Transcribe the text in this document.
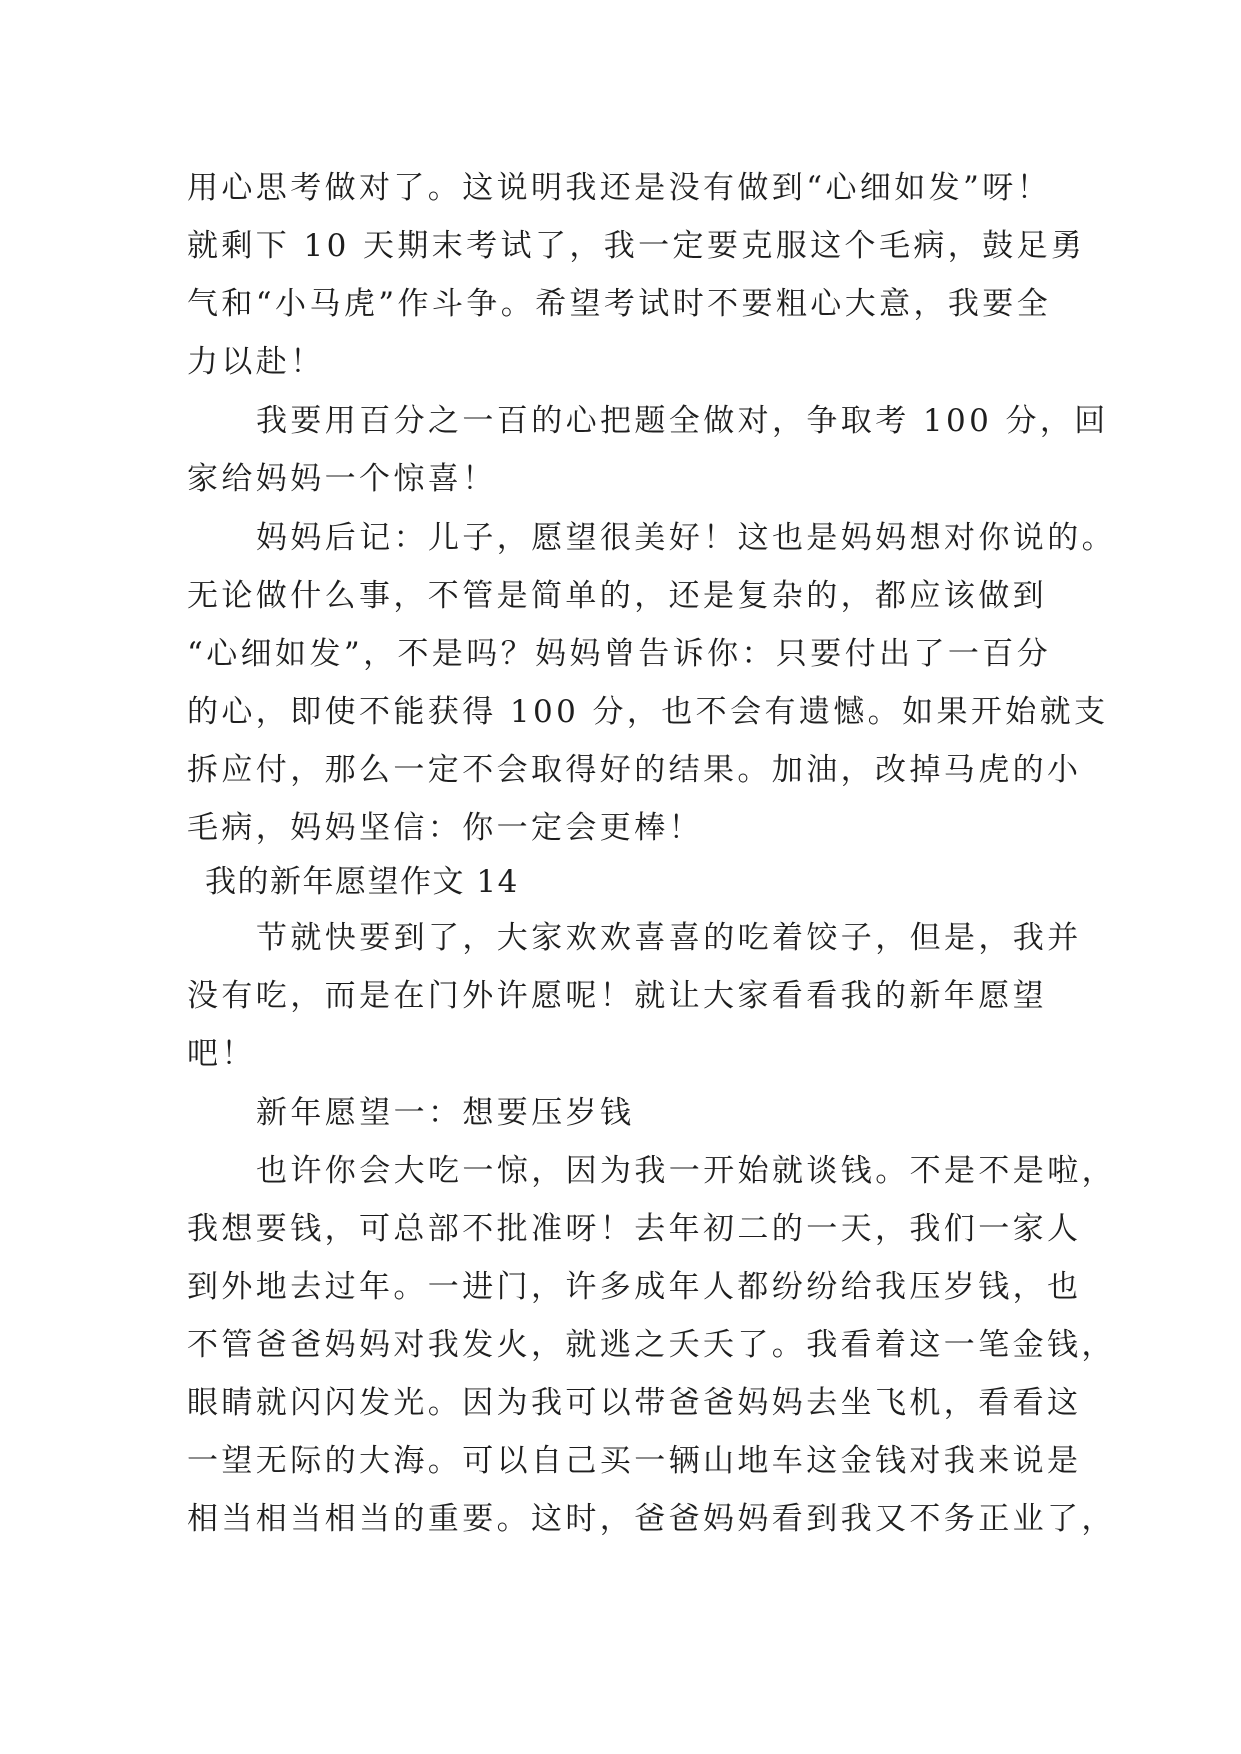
用心思考做对了。这说明我还是没有做到“心细如发”呀！
就剩下 10 天期末考试了，我一定要克服这个毛病，鼓足勇
气和“小马虎”作斗争。希望考试时不要粗心大意，我要全
力以赴！
我要用百分之一百的心把题全做对，争取考 100 分，回
家给妈妈一个惊喜！
妈妈后记：儿子，愿望很美好！这也是妈妈想对你说的。
无论做什么事，不管是简单的，还是复杂的，都应该做到
“心细如发”，不是吗？妈妈曾告诉你：只要付出了一百分
的心，即使不能获得 100 分，也不会有遗憾。如果开始就支
拆应付，那么一定不会取得好的结果。加油，改掉马虎的小
毛病，妈妈坚信：你一定会更棒！
我的新年愿望作文 14
节就快要到了，大家欢欢喜喜的吃着饺子，但是，我并
没有吃，而是在门外许愿呢！就让大家看看我的新年愿望
吧！
新年愿望一：想要压岁钱
也许你会大吃一惊，因为我一开始就谈钱。不是不是啦，
我想要钱，可总部不批准呀！去年初二的一天，我们一家人
到外地去过年。一进门，许多成年人都纷纷给我压岁钱，也
不管爸爸妈妈对我发火，就逃之夭夭了。我看着这一笔金钱，
眼睛就闪闪发光。因为我可以带爸爸妈妈去坐飞机，看看这
一望无际的大海。可以自己买一辆山地车这金钱对我来说是
相当相当相当的重要。这时，爸爸妈妈看到我又不务正业了，
